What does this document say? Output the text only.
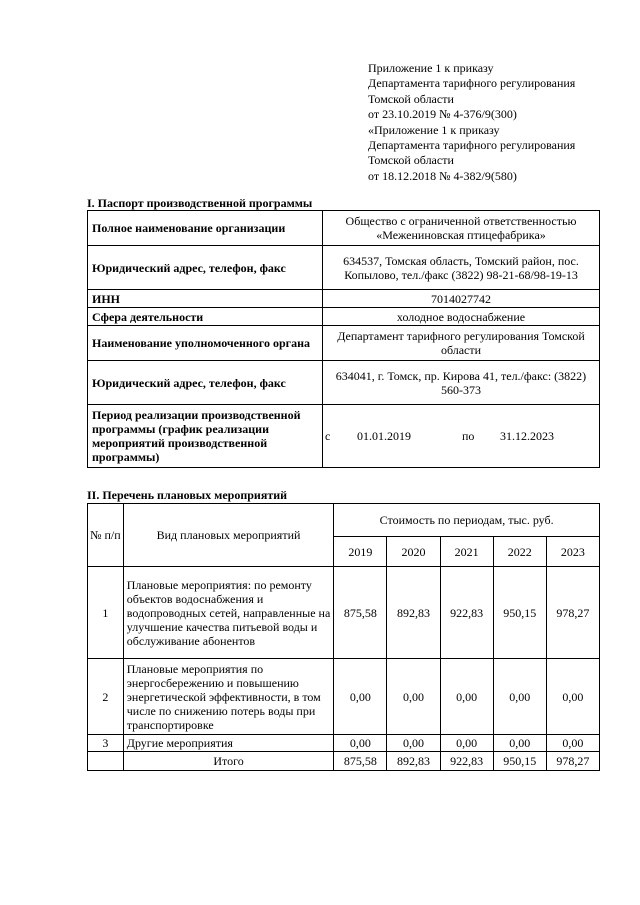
Приложение 1 к приказу
Департамента тарифного регулирования
Томской области
от 23.10.2019 № 4-376/9(300)
«Приложение 1 к приказу
Департамента тарифного регулирования
Томской области
от 18.12.2018 № 4-382/9(580)
I. Паспорт производственной программы
Полное наименование организации	Общество с ограниченной ответственностью «Межениновская птицефабрика»
Юридический адрес, телефон, факс	634537, Томская область, Томский район, пос. Копылово, тел./факс (3822) 98-21-68/98-19-13
ИНН	7014027742
Сфера деятельности	холодное водоснабжение
Наименование уполномоченного органа	Департамент тарифного регулирования Томской области
Юридический адрес, телефон, факс	634041, г. Томск, пр. Кирова 41, тел./факс: (3822) 560-373
Период реализации производственной программы (график реализации мероприятий производственной программы)	с 01.01.2019 по 31.12.2023
II. Перечень плановых мероприятий
№ п/п	Вид плановых мероприятий	Стоимость по периодам, тыс. руб.				
		2019	2020	2021	2022	2023
1	Плановые мероприятия: по ремонту объектов водоснабжения и водопроводных сетей, направленные на улучшение качества питьевой воды и обслуживание абонентов	875,58	892,83	922,83	950,15	978,27
2	Плановые мероприятия по энергосбережению и повышению энергетической эффективности, в том числе по снижению потерь воды при транспортировке	0,00	0,00	0,00	0,00	0,00
3	Другие мероприятия	0,00	0,00	0,00	0,00	0,00
	Итого	875,58	892,83	922,83	950,15	978,27
